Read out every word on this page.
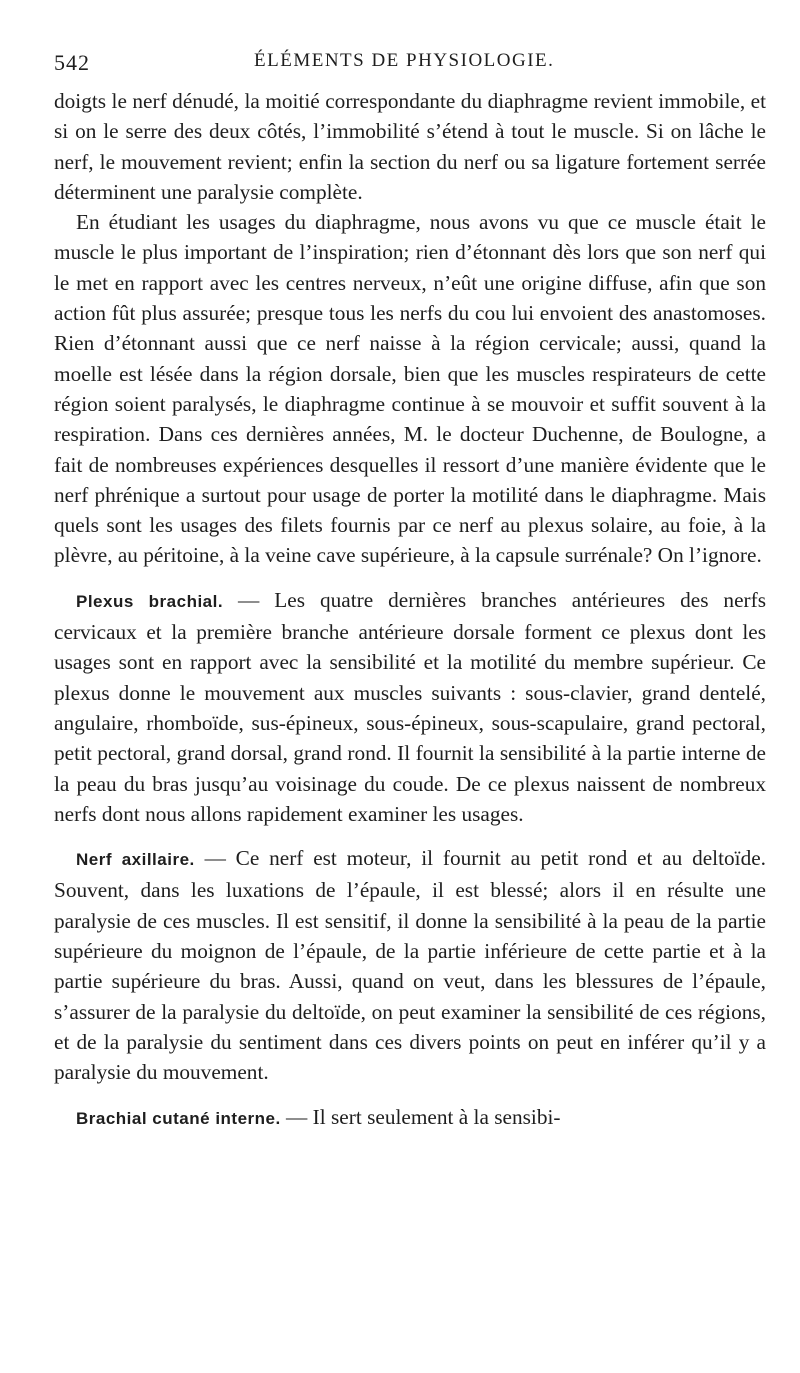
542	ÉLÉMENTS DE PHYSIOLOGIE.

doigts le nerf dénudé, la moitié correspondante du diaphragme revient immobile, et si on le serre des deux côtés, l’immobilité s’étend à tout le muscle. Si on lâche le nerf, le mouvement revient; enfin la section du nerf ou sa ligature fortement serrée déterminent une paralysie complète.

En étudiant les usages du diaphragme, nous avons vu que ce muscle était le muscle le plus important de l’inspiration; rien d’étonnant dès lors que son nerf qui le met en rapport avec les centres nerveux, n’eût une origine diffuse, afin que son action fût plus assurée; presque tous les nerfs du cou lui envoient des anastomoses. Rien d’étonnant aussi que ce nerf naisse à la région cervicale; aussi, quand la moelle est lésée dans la région dorsale, bien que les muscles respirateurs de cette région soient paralysés, le diaphragme continue à se mouvoir et suffit souvent à la respiration. Dans ces dernières années, M. le docteur Duchenne, de Boulogne, a fait de nombreuses expériences desquelles il ressort d’une manière évidente que le nerf phrénique a surtout pour usage de porter la motilité dans le diaphragme. Mais quels sont les usages des filets fournis par ce nerf au plexus solaire, au foie, à la plèvre, au péritoine, à la veine cave supérieure, à la capsule surrénale? On l’ignore.

Plexus brachial. — Les quatre dernières branches antérieures des nerfs cervicaux et la première branche antérieure dorsale forment ce plexus dont les usages sont en rapport avec la sensibilité et la motilité du membre supérieur. Ce plexus donne le mouvement aux muscles suivants : sous-clavier, grand dentelé, angulaire, rhomboïde, sus-épineux, sous-épineux, sous-scapulaire, grand pectoral, petit pectoral, grand dorsal, grand rond. Il fournit la sensibilité à la partie interne de la peau du bras jusqu’au voisinage du coude. De ce plexus naissent de nombreux nerfs dont nous allons rapidement examiner les usages.

Nerf axillaire. — Ce nerf est moteur, il fournit au petit rond et au deltoïde. Souvent, dans les luxations de l’épaule, il est blessé; alors il en résulte une paralysie de ces muscles. Il est sensitif, il donne la sensibilité à la peau de la partie supérieure du moignon de l’épaule, de la partie inférieure de cette partie et à la partie supérieure du bras. Aussi, quand on veut, dans les blessures de l’épaule, s’assurer de la paralysie du deltoïde, on peut examiner la sensibilité de ces régions, et de la paralysie du sentiment dans ces divers points on peut en inférer qu’il y a paralysie du mouvement.

Brachial cutané interne. — Il sert seulement à la sensibi-
